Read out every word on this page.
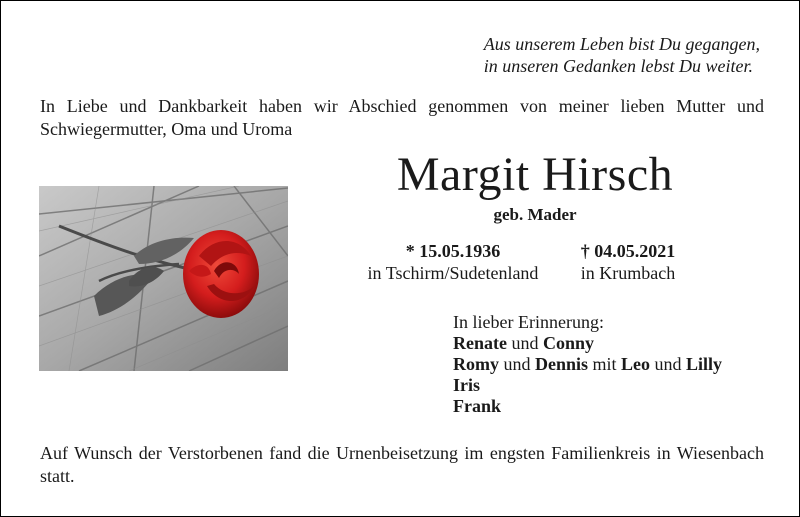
Aus unserem Leben bist Du gegangen,
in unseren Gedanken lebst Du weiter.
In Liebe und Dankbarkeit haben wir Abschied genommen von meiner lieben Mutter und Schwiegermutter, Oma und Uroma
Margit Hirsch
geb. Mader
* 15.05.1936
in Tschirm/Sudetenland
† 04.05.2021
in Krumbach
In lieber Erinnerung:
Renate und Conny
Romy und Dennis mit Leo und Lilly
Iris
Frank
Auf Wunsch der Verstorbenen fand die Urnenbeisetzung im engsten Familienkreis in Wiesenbach statt.
